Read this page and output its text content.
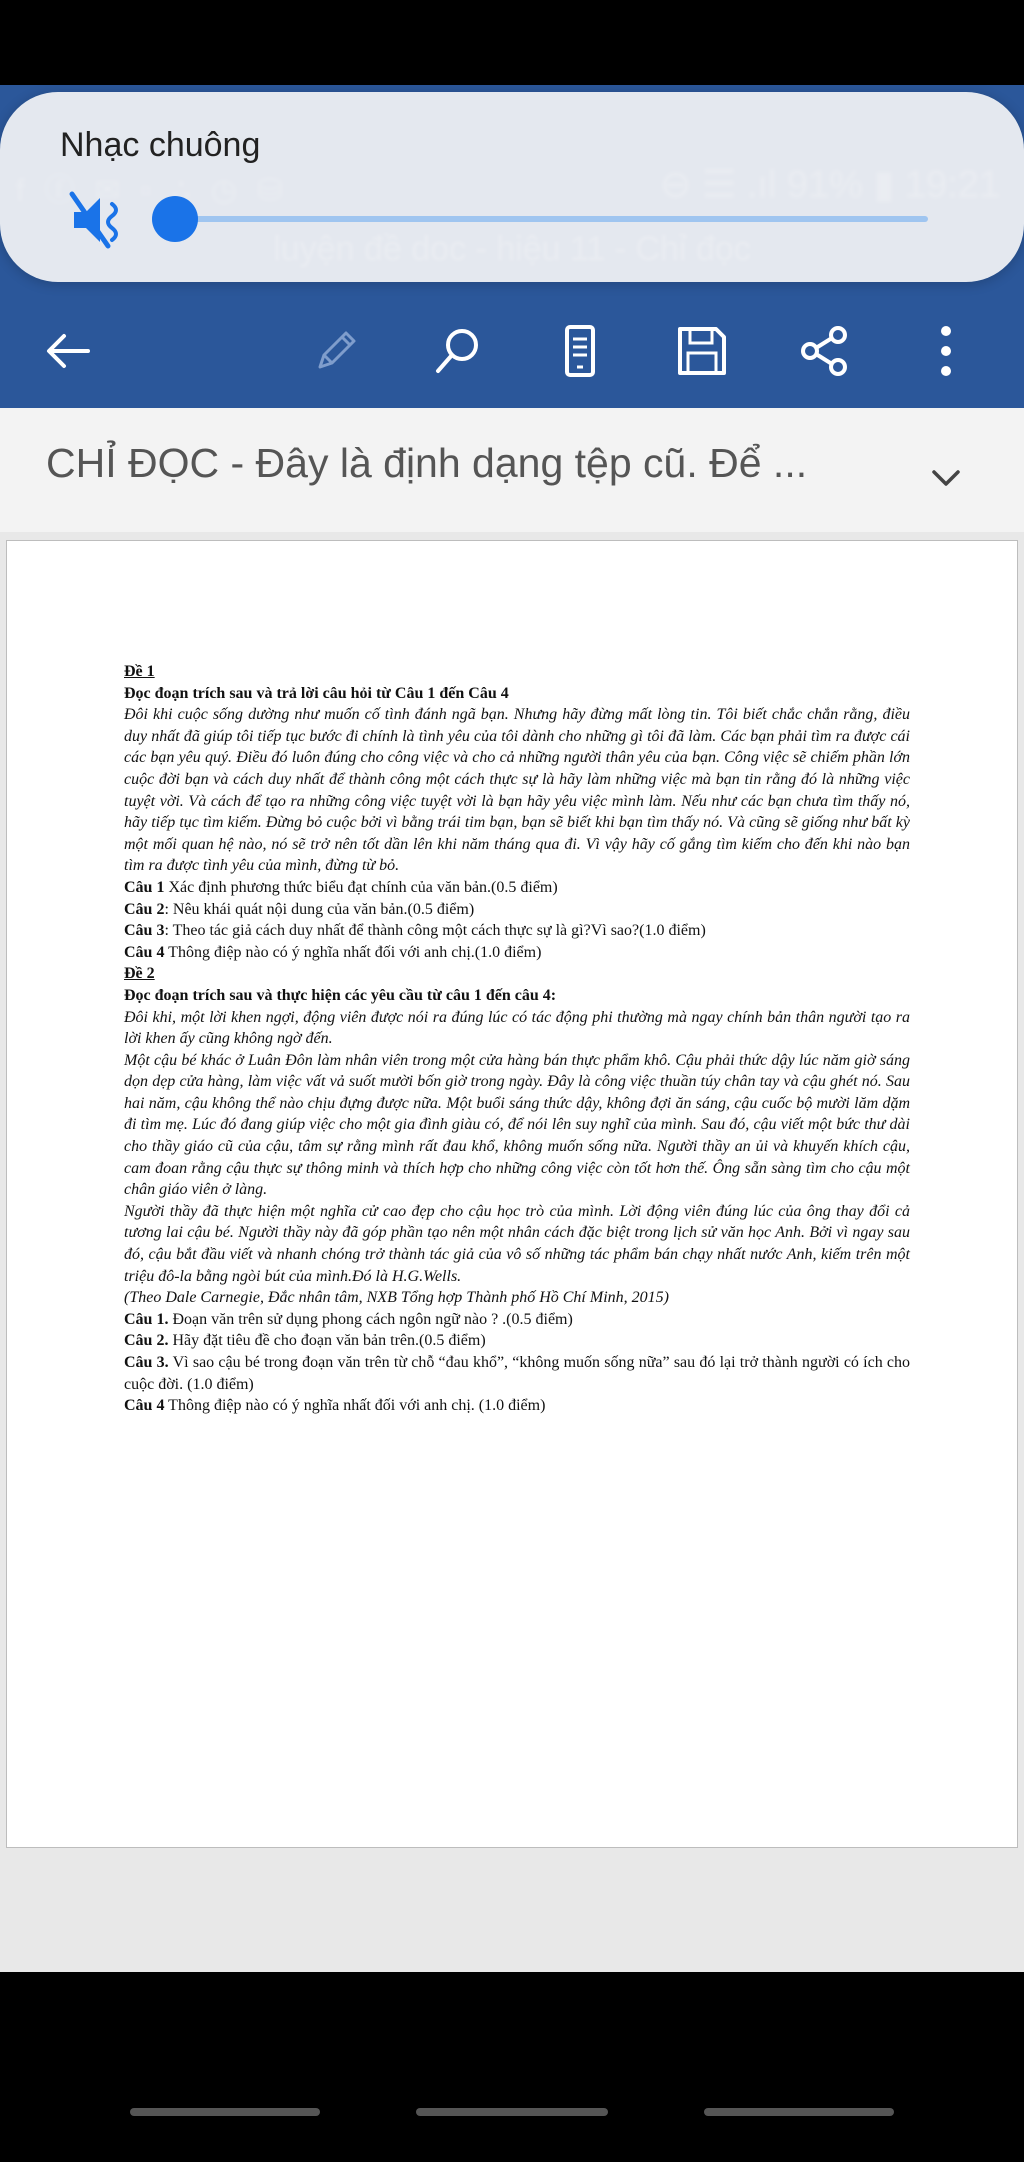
Nhạc chuông
CHỈ ĐỌC - Đây là định dạng tệp cũ. Để ...

Đề 1

Đọc đoạn trích sau và trả lời câu hỏi từ Câu 1 đến Câu 4

Đôi khi cuộc sống dường như muốn cố tình đánh ngã bạn. Nhưng hãy đừng mất lòng tin. Tôi biết chắc chắn rằng, điều duy nhất đã giúp tôi tiếp tục bước đi chính là tình yêu của tôi dành cho những gì tôi đã làm. Các bạn phải tìm ra được cái các bạn yêu quý. Điều đó luôn đúng cho công việc và cho cả những người thân yêu của bạn. Công việc sẽ chiếm phần lớn cuộc đời bạn và cách duy nhất để thành công một cách thực sự là hãy làm những việc mà bạn tin rằng đó là những việc tuyệt vời. Và cách để tạo ra những công việc tuyệt vời là bạn hãy yêu việc mình làm. Nếu như các bạn chưa tìm thấy nó, hãy tiếp tục tìm kiếm. Đừng bỏ cuộc bởi vì bằng trái tim bạn, bạn sẽ biết khi bạn tìm thấy nó. Và cũng sẽ giống như bất kỳ một mối quan hệ nào, nó sẽ trở nên tốt dần lên khi năm tháng qua đi. Vì vậy hãy cố gắng tìm kiếm cho đến khi nào bạn tìm ra được tình yêu của mình, đừng từ bỏ.

Câu 1 Xác định phương thức biểu đạt chính của văn bản.(0.5 điểm)

Câu 2: Nêu khái quát nội dung của văn bản.(0.5 điểm)

Câu 3: Theo tác giả cách duy nhất để thành công một cách thực sự là gì?Vì sao?(1.0 điểm)

Câu 4 Thông điệp nào có ý nghĩa nhất đối với anh chị.(1.0 điểm)

Đề 2

Đọc đoạn trích sau và thực hiện các yêu cầu từ câu 1 đến câu 4:

Đôi khi, một lời khen ngợi, động viên được nói ra đúng lúc có tác động phi thường mà ngay chính bản thân người tạo ra lời khen ấy cũng không ngờ đến.

Một cậu bé khác ở Luân Đôn làm nhân viên trong một cửa hàng bán thực phẩm khô. Cậu phải thức dậy lúc năm giờ sáng dọn dẹp cửa hàng, làm việc vất vả suốt mười bốn giờ trong ngày. Đây là công việc thuần túy chân tay và cậu ghét nó. Sau hai năm, cậu không thể nào chịu đựng được nữa. Một buổi sáng thức dậy, không đợi ăn sáng, cậu cuốc bộ mười lăm dặm đi tìm mẹ. Lúc đó đang giúp việc cho một gia đình giàu có, để nói lên suy nghĩ của mình. Sau đó, cậu viết một bức thư dài cho thầy giáo cũ của cậu, tâm sự rằng mình rất đau khổ, không muốn sống nữa. Người thầy an ủi và khuyến khích cậu, cam đoan rằng cậu thực sự thông minh và thích hợp cho những công việc còn tốt hơn thế. Ông sẵn sàng tìm cho cậu một chân giáo viên ở làng.

Người thầy đã thực hiện một nghĩa cử cao đẹp cho cậu học trò của mình. Lời động viên đúng lúc của ông thay đổi cả tương lai cậu bé. Người thầy này đã góp phần tạo nên một nhân cách đặc biệt trong lịch sử văn học Anh. Bởi vì ngay sau đó, cậu bắt đầu viết và nhanh chóng trở thành tác giả của vô số những tác phẩm bán chạy nhất nước Anh, kiếm trên một triệu đô-la bằng ngòi bút của mình.Đó là H.G.Wells.

(Theo Dale Carnegie, Đắc nhân tâm, NXB Tổng hợp Thành phố Hồ Chí Minh, 2015)

Câu 1. Đoạn văn trên sử dụng phong cách ngôn ngữ nào ? .(0.5 điểm)

Câu 2. Hãy đặt tiêu đề cho đoạn văn bản trên.(0.5 điểm)

Câu 3. Vì sao cậu bé trong đoạn văn trên từ chỗ “đau khổ”, “không muốn sống nữa” sau đó lại trở thành người có ích cho cuộc đời. (1.0 điểm)

Câu 4 Thông điệp nào có ý nghĩa nhất đối với anh chị. (1.0 điểm)
